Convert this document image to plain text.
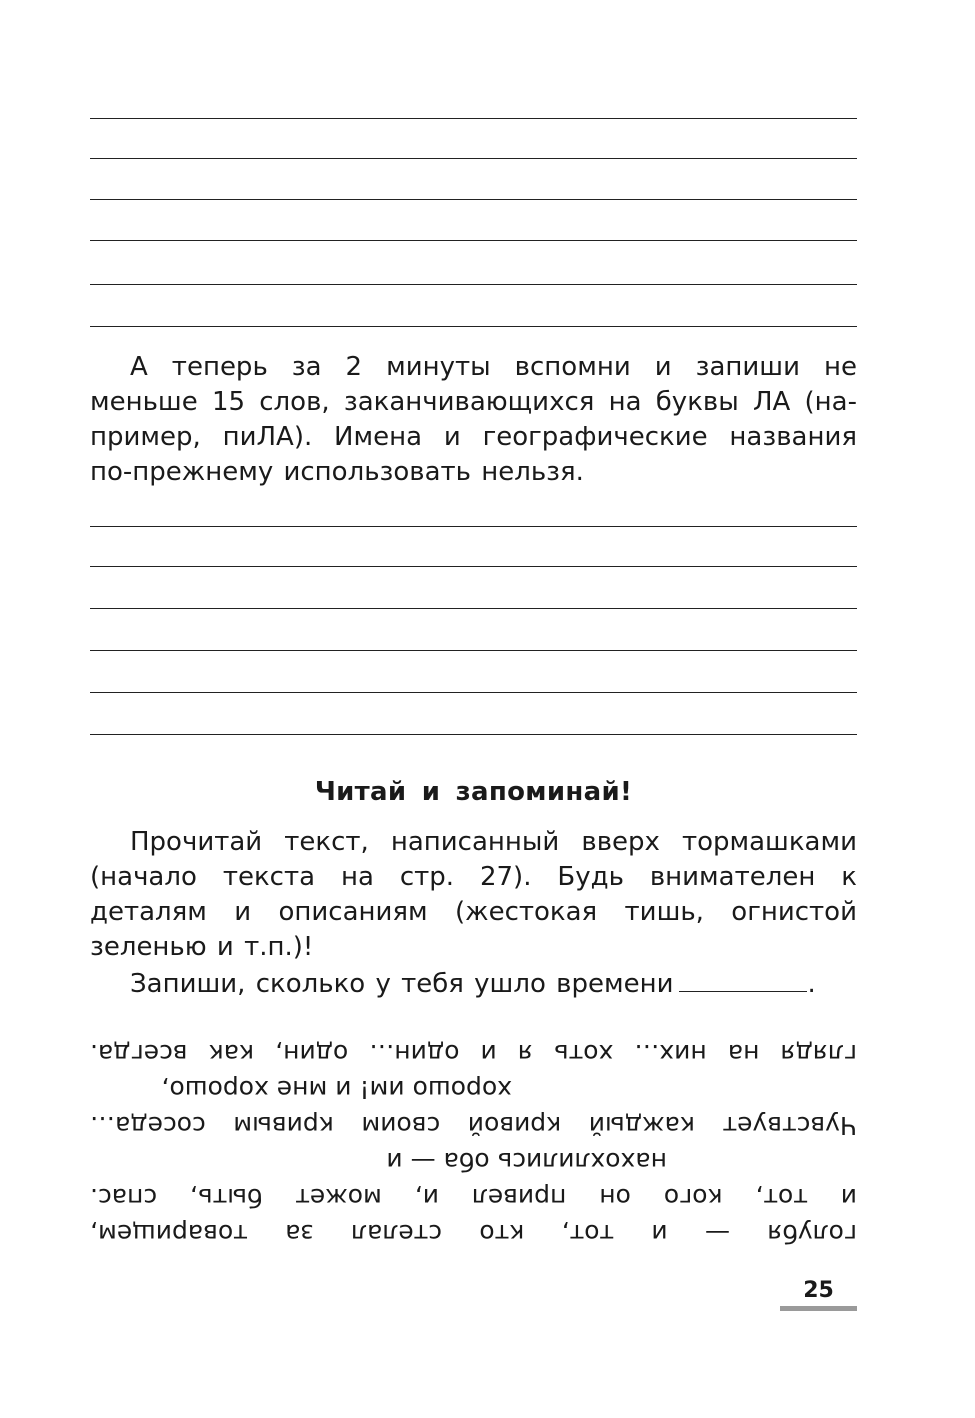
А теперь за 2 минуты вспомни и запиши не
меньше 15 слов, заканчивающихся на буквы ЛА (на-
пример, пиЛА). Имена и географические названия
по-прежнему использовать нельзя.
Читай и запоминай!
Прочитай текст, написанный вверх тормашками
(начало текста на стр. 27). Будь внимателен к
деталям и описаниям (жестокая тишь, огнистой
зеленью и т.п.)!
Запиши, сколько у тебя ушло времени	.
голубя — и тот, кто стелал за товарищем,
и тот, кого он привел и, может быть, спас.
нахохлились оба — и
Чувствует каждый кривой своим кривым соседа…
хорошо им! и мне хорошо,
глядя на них… хоть я и один… один, как всегда.
25
